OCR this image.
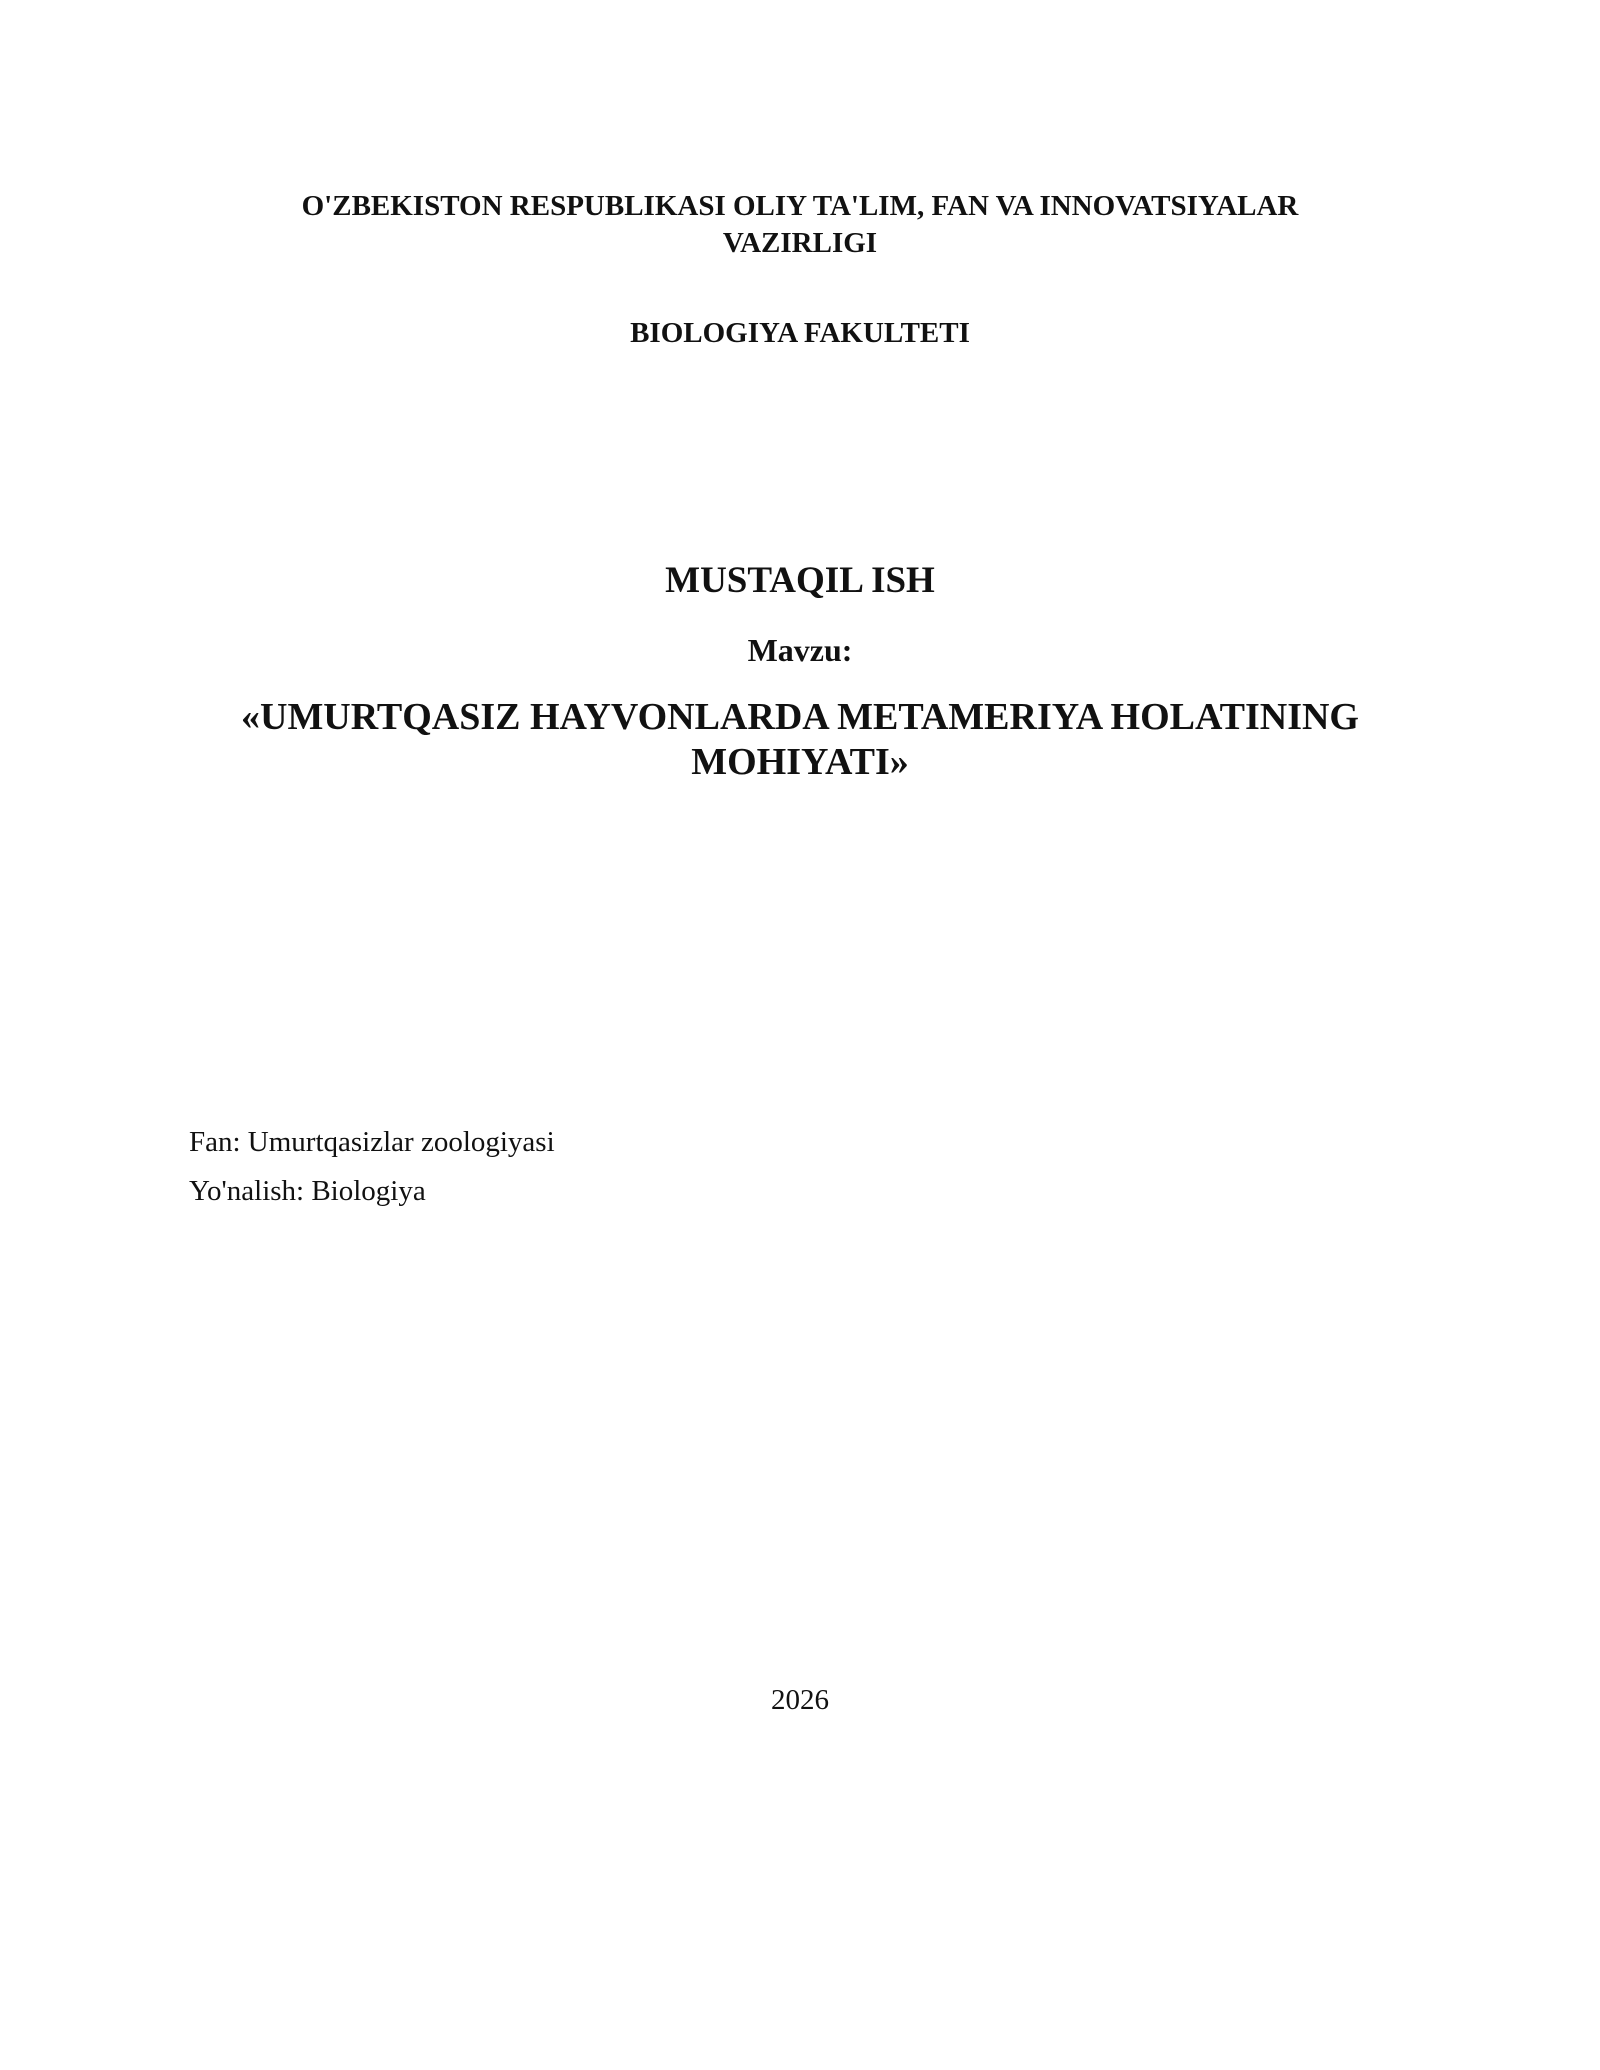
O'ZBEKISTON RESPUBLIKASI OLIY TA'LIM, FAN VA INNOVATSIYALAR
VAZIRLIGI
BIOLOGIYA FAKULTETI
MUSTAQIL ISH
Mavzu:
«UMURTQASIZ HAYVONLARDA METAMERIYA HOLATINING
MOHIYATI»
Fan: Umurtqasizlar zoologiyasi
Yo'nalish: Biologiya
2026
